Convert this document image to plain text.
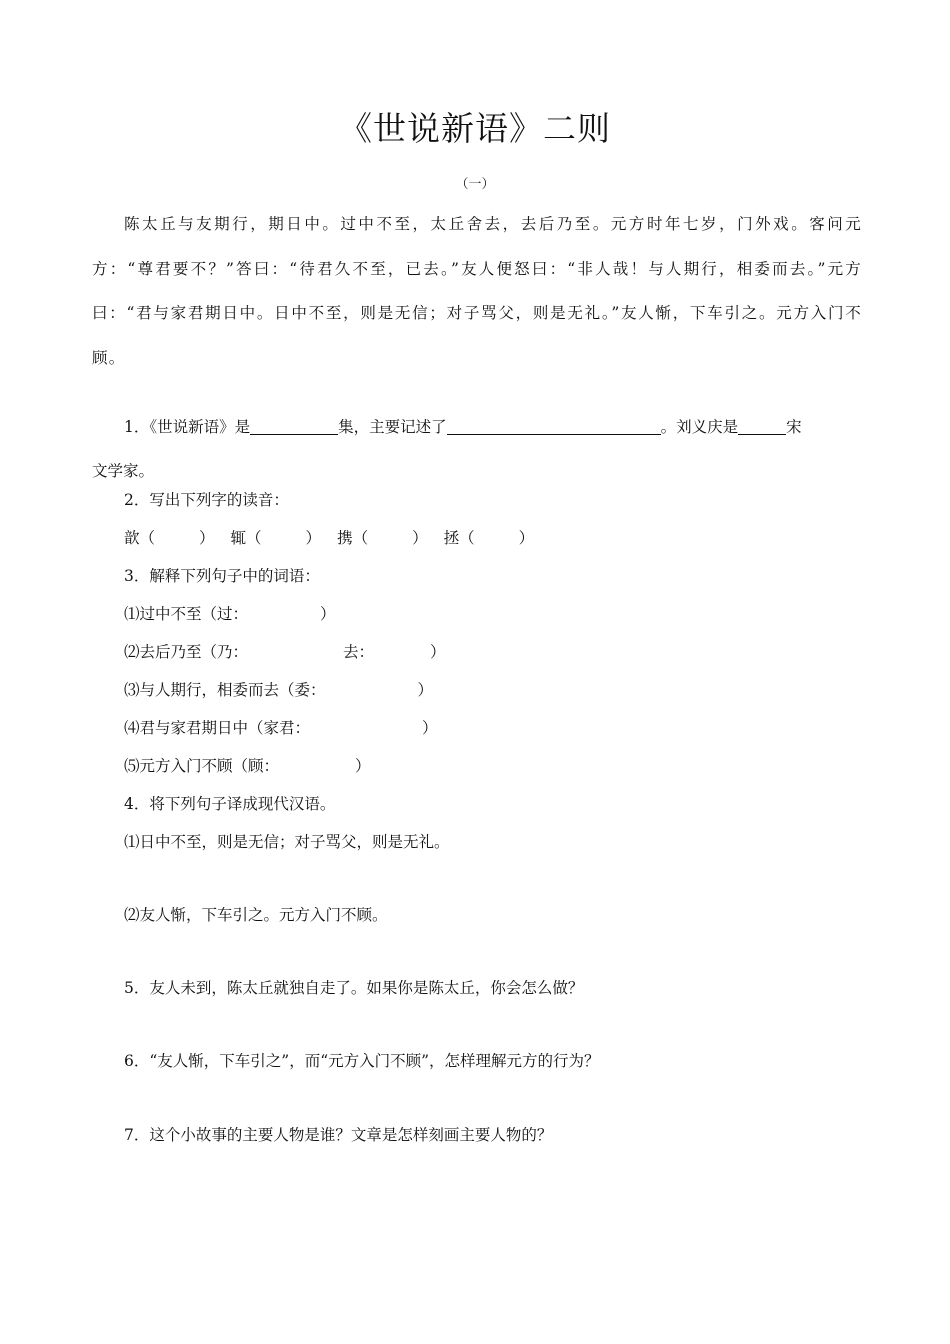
《世说新语》二则
（一）

陈太丘与友期行，期日中。过中不至，太丘舍去，去后乃至。元方时年七岁，门外戏。客问元方：“尊君要不？”答曰：“待君久不至，已去。”友人便怒曰：“非人哉！与人期行，相委而去。”元方曰：“君与家君期日中。日中不至，则是无信；对子骂父，则是无礼。”友人惭，下车引之。元方入门不顾。

1．《世说新语》是	集，主要记述了	。刘义庆是	宋
文学家。
2．写出下列字的读音：
歆（	） 辄（	） 携（	） 拯（	）
3．解释下列句子中的词语：
⑴过中不至（过：	）
⑵去后乃至（乃：	去：	）
⑶与人期行，相委而去（委：	）
⑷君与家君期日中（家君：	）
⑸元方入门不顾（顾：	）
4．将下列句子译成现代汉语。
⑴日中不至，则是无信；对子骂父，则是无礼。
⑵友人惭，下车引之。元方入门不顾。
5．友人未到，陈太丘就独自走了。如果你是陈太丘，你会怎么做？
6．“友人惭，下车引之”，而“元方入门不顾”，怎样理解元方的行为？
7．这个小故事的主要人物是谁？文章是怎样刻画主要人物的？
